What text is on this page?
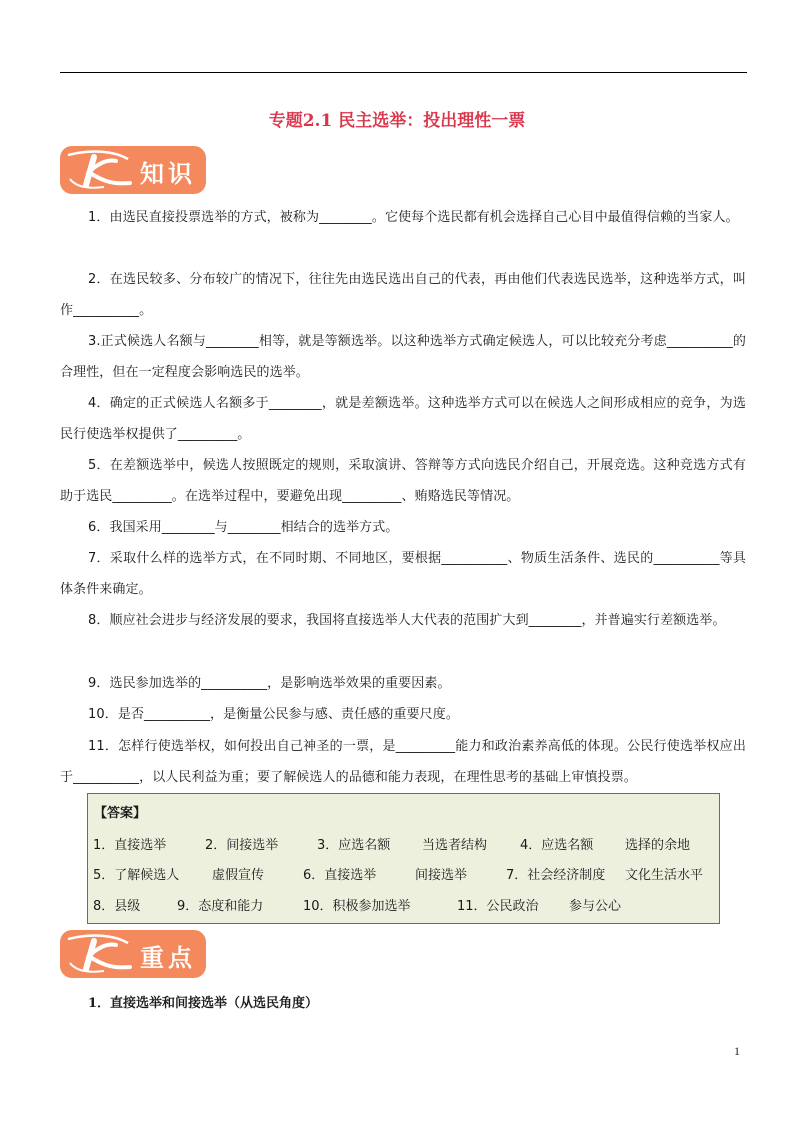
专题2.1 民主选举：投出理性一票
知识

1．由选民直接投票选举的方式，被称为________。它使每个选民都有机会选择自己心目中最值得信赖的当家人。

2．在选民较多、分布较广的情况下，往往先由选民选出自己的代表，再由他们代表选民选举，这种选举方式，叫作__________。

3.正式候选人名额与________相等，就是等额选举。以这种选举方式确定候选人，可以比较充分考虑__________的合理性，但在一定程度会影响选民的选举。

4．确定的正式候选人名额多于________，就是差额选举。这种选举方式可以在候选人之间形成相应的竞争，为选民行使选举权提供了_________。

5．在差额选举中，候选人按照既定的规则，采取演讲、答辩等方式向选民介绍自己，开展竞选。这种竞选方式有助于选民_________。在选举过程中，要避免出现_________、贿赂选民等情况。

6．我国采用________与________相结合的选举方式。

7．采取什么样的选举方式，在不同时期、不同地区，要根据__________、物质生活条件、选民的__________等具体条件来确定。

8．顺应社会进步与经济发展的要求，我国将直接选举人大代表的范围扩大到________，并普遍实行差额选举。

9．选民参加选举的__________，是影响选举效果的重要因素。

10．是否__________，是衡量公民参与感、责任感的重要尺度。

11．怎样行使选举权，如何投出自己神圣的一票，是_________能力和政治素养高低的体现。公民行使选举权应出于__________，以人民利益为重；要了解候选人的品德和能力表现，在理性思考的基础上审慎投票。

【答案】
1．直接选举	2．间接选举	3．应选名额 当选者结构	4．应选名额 选择的余地
5．了解候选人	虚假宣传	6．直接选举	间接选举	7．社会经济制度 文化生活水平
8．县级	9．态度和能力	10．积极参加选举	11．公民政治 参与公心
重点
1．直接选举和间接选举（从选民角度）
1
